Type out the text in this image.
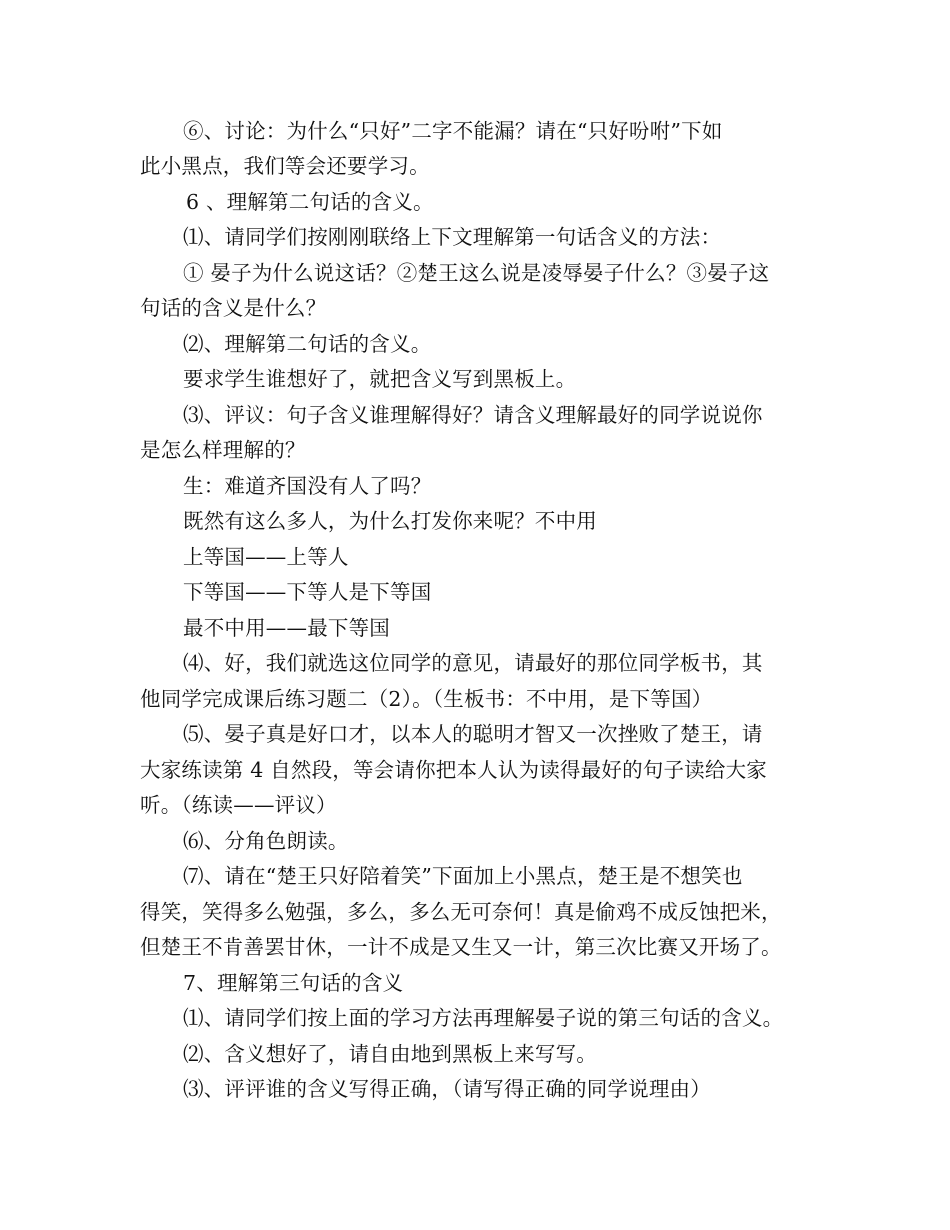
⑥、讨论：为什么“只好”二字不能漏？请在“只好吩咐”下如
此小黑点，我们等会还要学习。
6 、理解第二句话的含义。
⑴、请同学们按刚刚联络上下文理解第一句话含义的方法：
① 晏子为什么说这话？②楚王这么说是凌辱晏子什么？③晏子这
句话的含义是什么？
⑵、理解第二句话的含义。
要求学生谁想好了，就把含义写到黑板上。
⑶、评议：句子含义谁理解得好？请含义理解最好的同学说说你
是怎么样理解的？
生：难道齐国没有人了吗？
既然有这么多人，为什么打发你来呢？不中用
上等国——上等人
下等国——下等人是下等国
最不中用——最下等国
⑷、好，我们就选这位同学的意见，请最好的那位同学板书，其
他同学完成课后练习题二（2）。（生板书：不中用，是下等国）
⑸、晏子真是好口才，以本人的聪明才智又一次挫败了楚王，请
大家练读第 4 自然段，等会请你把本人认为读得最好的句子读给大家
听。（练读——评议）
⑹、分角色朗读。
⑺、请在“楚王只好陪着笑”下面加上小黑点，楚王是不想笑也
得笑，笑得多么勉强，多么，多么无可奈何！真是偷鸡不成反蚀把米，
但楚王不肯善罢甘休，一计不成是又生又一计，第三次比赛又开场了。
7、理解第三句话的含义
⑴、请同学们按上面的学习方法再理解晏子说的第三句话的含义。
⑵、含义想好了，请自由地到黑板上来写写。
⑶、评评谁的含义写得正确，（请写得正确的同学说理由）
